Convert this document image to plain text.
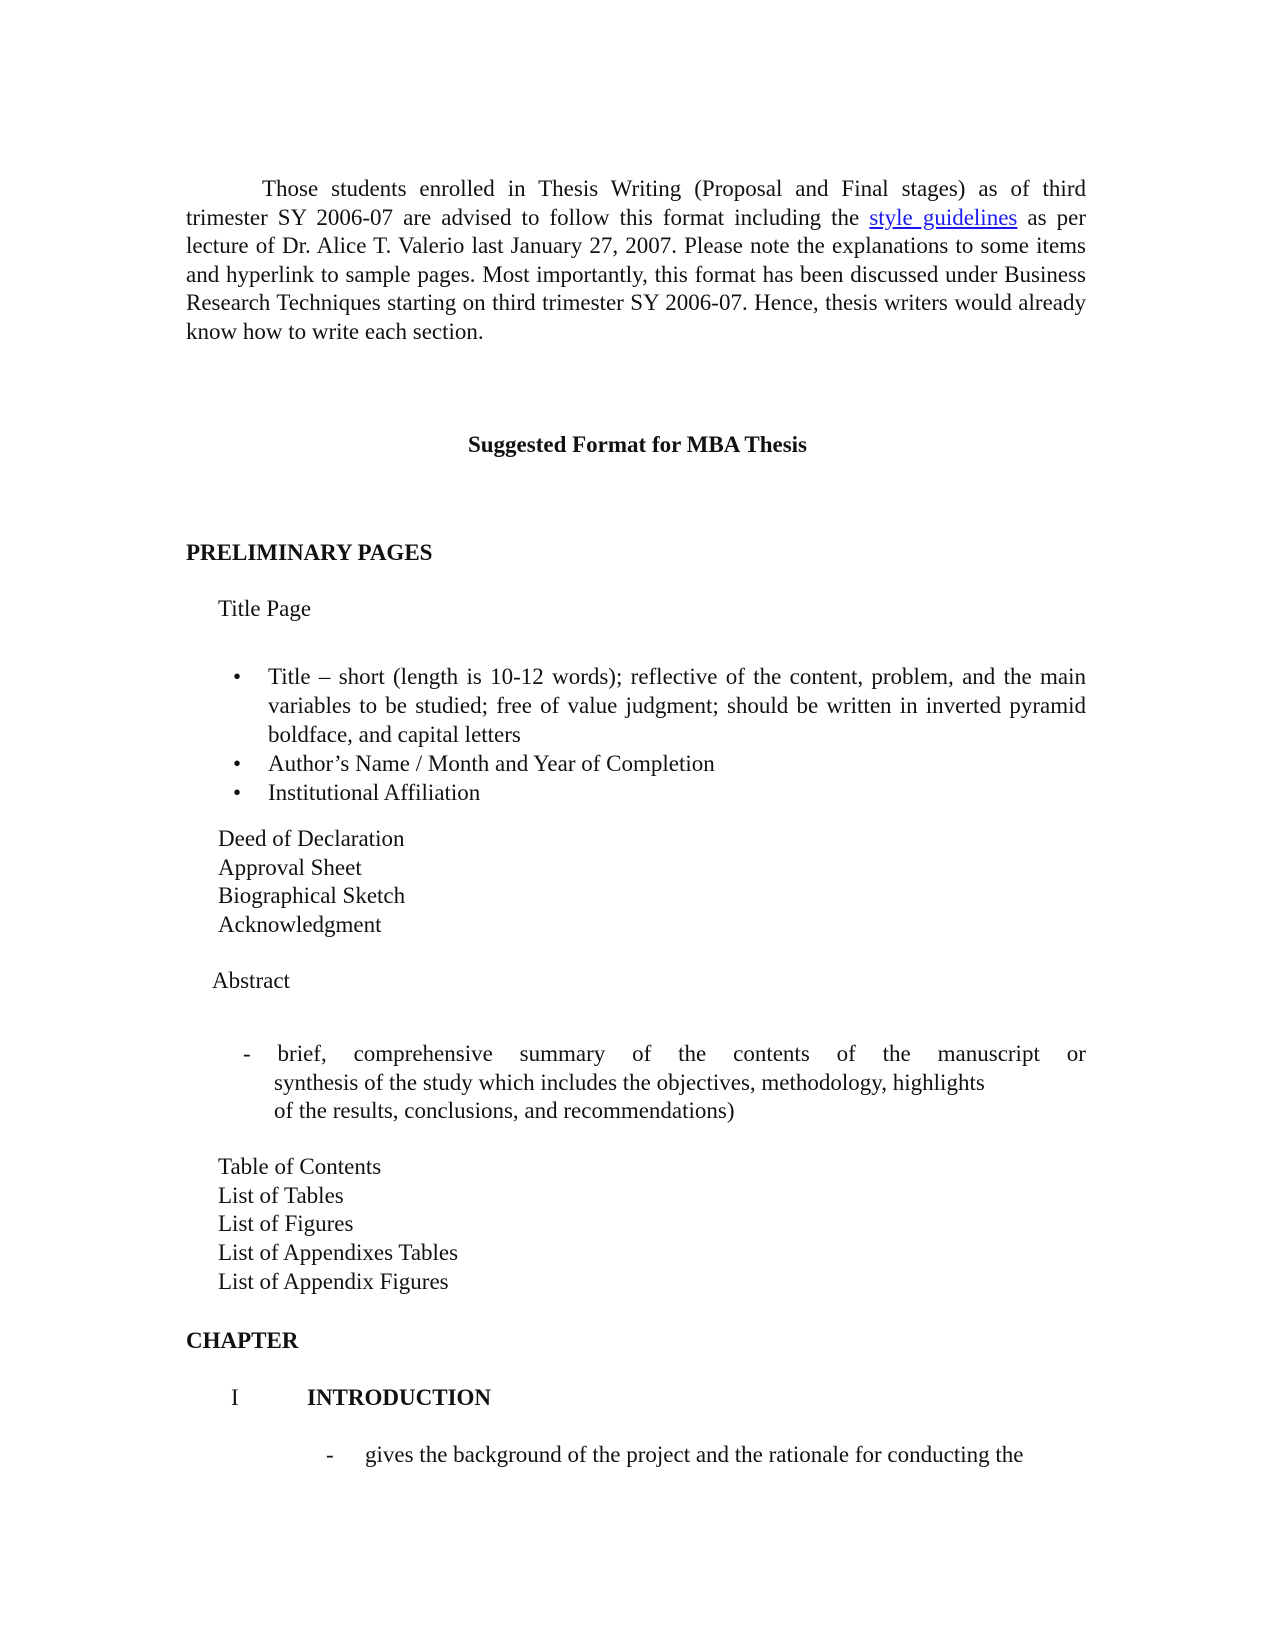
Those students enrolled in Thesis Writing (Proposal and Final stages) as of third trimester SY 2006-07 are advised to follow this format including the style guidelines as per lecture of Dr. Alice T. Valerio last January 27, 2007. Please note the explanations to some items and hyperlink to sample pages. Most importantly, this format has been discussed under Business Research Techniques starting on third trimester SY 2006-07. Hence, thesis writers would already know how to write each section.
Suggested Format for MBA Thesis
PRELIMINARY PAGES
Title Page
• Title – short (length is 10-12 words); reflective of the content, problem, and the main variables to be studied; free of value judgment; should be written in inverted pyramid boldface, and capital letters
• Author’s Name / Month and Year of Completion
• Institutional Affiliation
Deed of Declaration
Approval Sheet
Biographical Sketch
Acknowledgment
Abstract
- brief, comprehensive summary of the contents of the manuscript or
synthesis of the study which includes the objectives, methodology, highlights
of the results, conclusions, and recommendations)
Table of Contents
List of Tables
List of Figures
List of Appendixes Tables
List of Appendix Figures
CHAPTER
I	INTRODUCTION
- gives the background of the project and the rationale for conducting the
